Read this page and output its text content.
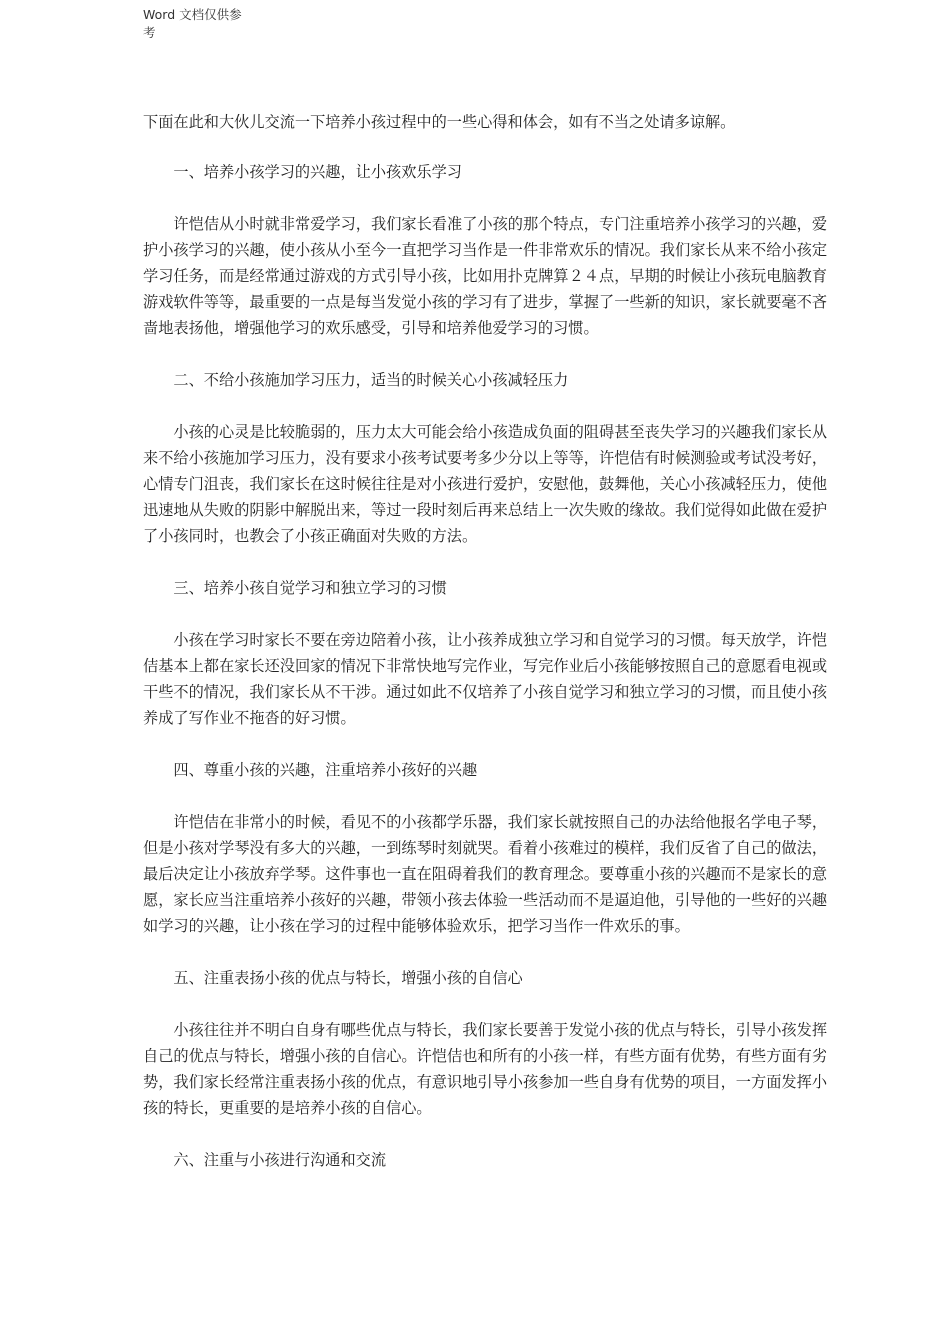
Word 文档仅供参考

下面在此和大伙儿交流一下培养小孩过程中的一些心得和体会，如有不当之处请多谅解。

一、培养小孩学习的兴趣，让小孩欢乐学习

许恺佶从小时就非常爱学习，我们家长看准了小孩的那个特点，专门注重培养小孩学习的兴趣，爱护小孩学习的兴趣，使小孩从小至今一直把学习当作是一件非常欢乐的情况。我们家长从来不给小孩定学习任务，而是经常通过游戏的方式引导小孩，比如用扑克牌算２４点，早期的时候让小孩玩电脑教育游戏软件等等，最重要的一点是每当发觉小孩的学习有了进步，掌握了一些新的知识，家长就要毫不吝啬地表扬他，增强他学习的欢乐感受，引导和培养他爱学习的习惯。

二、不给小孩施加学习压力，适当的时候关心小孩减轻压力

小孩的心灵是比较脆弱的，压力太大可能会给小孩造成负面的阻碍甚至丧失学习的兴趣我们家长从来不给小孩施加学习压力，没有要求小孩考试要考多少分以上等等，许恺佶有时候测验或考试没考好，心情专门沮丧，我们家长在这时候往往是对小孩进行爱护，安慰他，鼓舞他，关心小孩减轻压力，使他迅速地从失败的阴影中解脱出来，等过一段时刻后再来总结上一次失败的缘故。我们觉得如此做在爱护了小孩同时，也教会了小孩正确面对失败的方法。

三、培养小孩自觉学习和独立学习的习惯

小孩在学习时家长不要在旁边陪着小孩，让小孩养成独立学习和自觉学习的习惯。每天放学，许恺佶基本上都在家长还没回家的情况下非常快地写完作业，写完作业后小孩能够按照自己的意愿看电视或干些不的情况，我们家长从不干涉。通过如此不仅培养了小孩自觉学习和独立学习的习惯，而且使小孩养成了写作业不拖沓的好习惯。

四、尊重小孩的兴趣，注重培养小孩好的兴趣

许恺佶在非常小的时候，看见不的小孩都学乐器，我们家长就按照自己的办法给他报名学电子琴，但是小孩对学琴没有多大的兴趣，一到练琴时刻就哭。看着小孩难过的模样，我们反省了自己的做法，最后决定让小孩放弃学琴。这件事也一直在阻碍着我们的教育理念。要尊重小孩的兴趣而不是家长的意愿，家长应当注重培养小孩好的兴趣，带领小孩去体验一些活动而不是逼迫他，引导他的一些好的兴趣如学习的兴趣，让小孩在学习的过程中能够体验欢乐，把学习当作一件欢乐的事。

五、注重表扬小孩的优点与特长，增强小孩的自信心

小孩往往并不明白自身有哪些优点与特长，我们家长要善于发觉小孩的优点与特长，引导小孩发挥自己的优点与特长，增强小孩的自信心。许恺佶也和所有的小孩一样，有些方面有优势，有些方面有劣势，我们家长经常注重表扬小孩的优点，有意识地引导小孩参加一些自身有优势的项目，一方面发挥小孩的特长，更重要的是培养小孩的自信心。

六、注重与小孩进行沟通和交流
